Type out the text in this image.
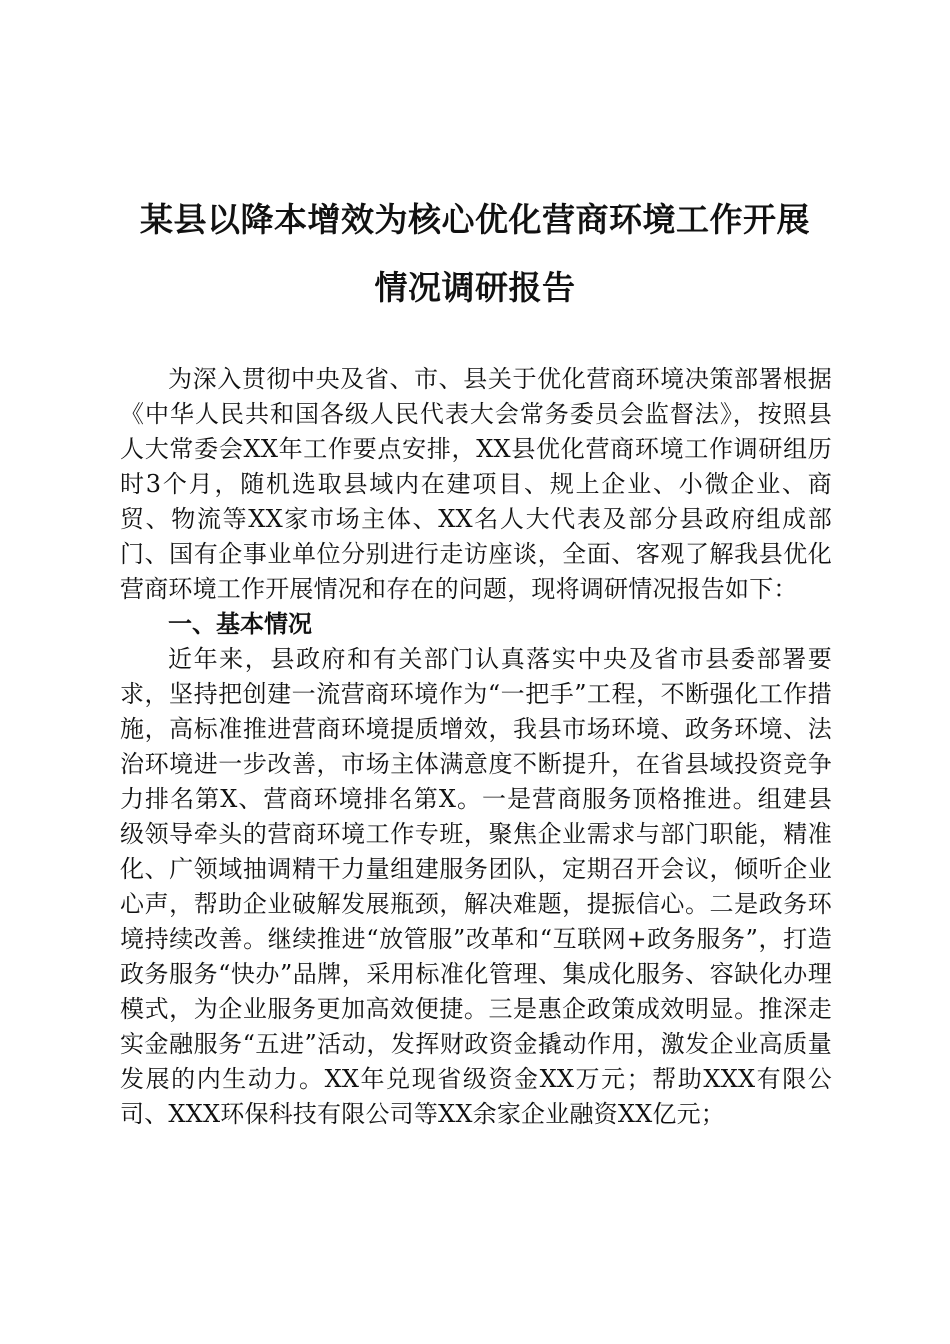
某县以降本增效为核心优化营商环境工作开展
情况调研报告

为深入贯彻中央及省、市、县关于优化营商环境决策部署根据《中华人民共和国各级人民代表大会常务委员会监督法》，按照县人大常委会XX年工作要点安排，XX县优化营商环境工作调研组历时3个月，随机选取县域内在建项目、规上企业、小微企业、商贸、物流等XX家市场主体、XX名人大代表及部分县政府组成部门、国有企事业单位分别进行走访座谈，全面、客观了解我县优化营商环境工作开展情况和存在的问题，现将调研情况报告如下：

一、基本情况

近年来，县政府和有关部门认真落实中央及省市县委部署要求，坚持把创建一流营商环境作为“一把手”工程，不断强化工作措施，高标准推进营商环境提质增效，我县市场环境、政务环境、法治环境进一步改善，市场主体满意度不断提升，在省县域投资竞争力排名第X、营商环境排名第X。一是营商服务顶格推进。组建县级领导牵头的营商环境工作专班，聚焦企业需求与部门职能，精准化、广领域抽调精干力量组建服务团队，定期召开会议，倾听企业心声，帮助企业破解发展瓶颈，解决难题，提振信心。二是政务环境持续改善。继续推进“放管服”改革和“互联网+政务服务”，打造政务服务“快办”品牌，采用标准化管理、集成化服务、容缺化办理模式，为企业服务更加高效便捷。三是惠企政策成效明显。推深走实金融服务“五进”活动，发挥财政资金撬动作用，激发企业高质量发展的内生动力。XX年兑现省级资金XX万元；帮助XXX有限公司、XXX环保科技有限公司等XX余家企业融资XX亿元；
